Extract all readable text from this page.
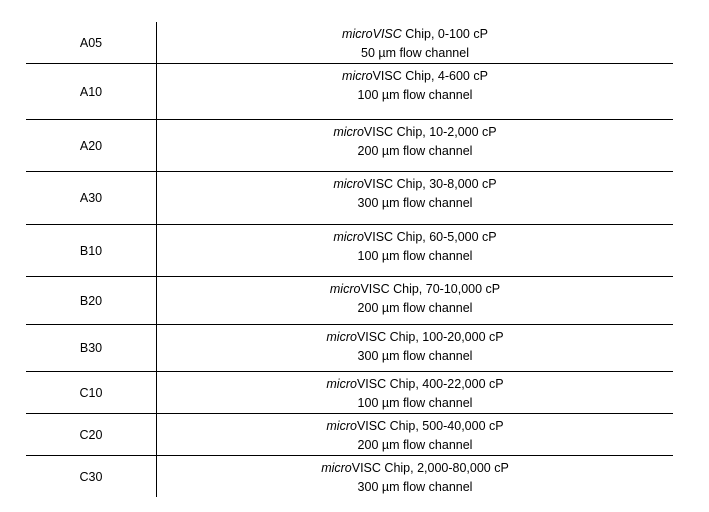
A05
microVISC Chip, 0-100 cP
50 µm flow channel
A10
microVISC Chip, 4-600 cP
100 µm flow channel
A20
microVISC Chip, 10-2,000 cP
200 µm flow channel
A30
microVISC Chip, 30-8,000 cP
300 µm flow channel
B10
microVISC Chip, 60-5,000 cP
100 µm flow channel
B20
microVISC Chip, 70-10,000 cP
200 µm flow channel
B30
microVISC Chip, 100-20,000 cP
300 µm flow channel
C10
microVISC Chip, 400-22,000 cP
100 µm flow channel
C20
microVISC Chip, 500-40,000 cP
200 µm flow channel
C30
microVISC Chip, 2,000-80,000 cP
300 µm flow channel
